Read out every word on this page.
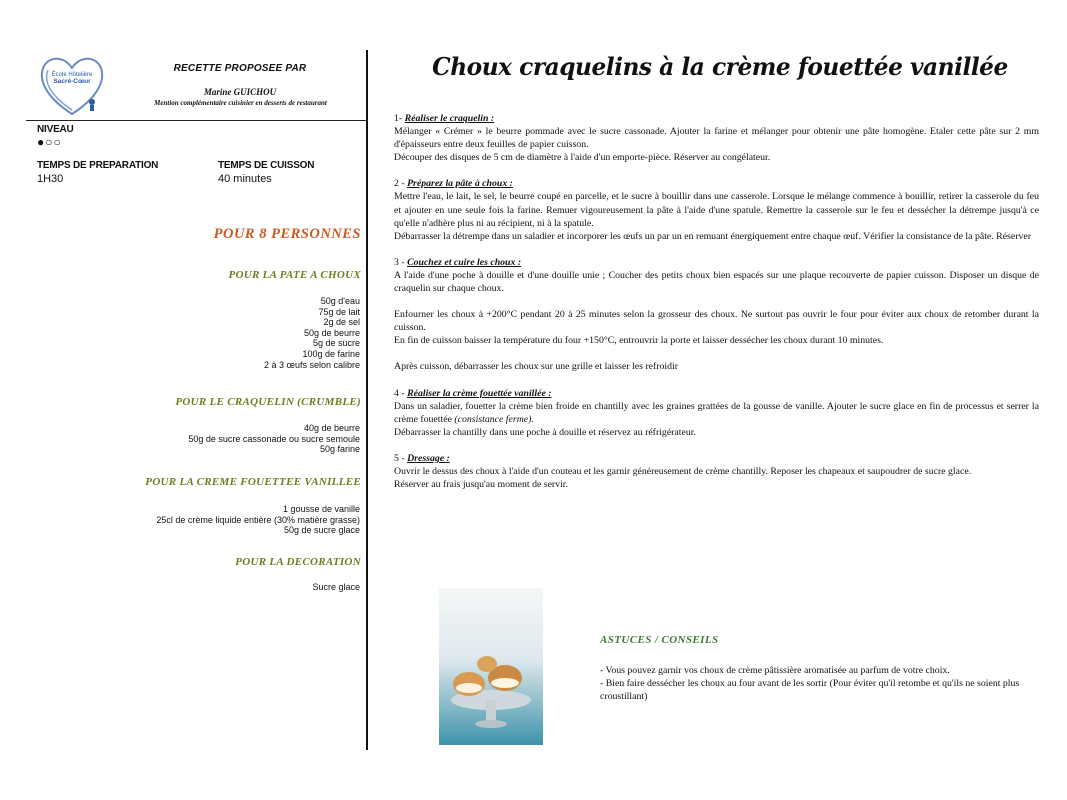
École Hôtelière
Sacré-Cœur
RECETTE PROPOSEE PAR
Marine GUICHOU
Mention complémentaire cuisinier en desserts de restaurant
NIVEAU
●○○
TEMPS DE PREPARATION
1H30
TEMPS DE CUISSON
40 minutes
POUR 8 PERSONNES
POUR LA PATE A CHOUX
50g d'eau
75g de lait
2g de sel
50g de beurre
5g de sucre
100g de farine
2 à 3 œufs selon calibre
POUR LE CRAQUELIN (CRUMBLE)
40g de beurre
50g de sucre cassonade ou sucre semoule
50g farine
POUR LA CREME FOUETTEE VANILLEE
1 gousse de vanille
25cl de crème liquide entière (30% matière grasse)
50g de sucre glace
POUR LA DECORATION
Sucre glace
Choux craquelins à la crème fouettée vanillée

1- Réaliser le craquelin :
Mélanger « Crémer » le beurre pommade avec le sucre cassonade. Ajouter la farine et mélanger pour obtenir une pâte homogène. Etaler cette pâte sur 2 mm d'épaisseurs entre deux feuilles de papier cuisson.
Découper des disques de 5 cm de diamètre à l'aide d'un emporte-pièce. Réserver au congélateur.

2 - Préparez la pâte à choux :
Mettre l'eau, le lait, le sel, le beurre coupé en parcelle, et le sucre à bouillir dans une casserole. Lorsque le mélange commence à bouillir, retirer la casserole du feu et ajouter en une seule fois la farine. Remuer vigoureusement la pâte à l'aide d'une spatule. Remettre la casserole sur le feu et dessécher la détrempe jusqu'à ce qu'elle n'adhère plus ni au récipient, ni à la spatule.
Débarrasser la détrempe dans un saladier et incorporer les œufs un par un en remuant énergiquement entre chaque œuf. Vérifier la consistance de la pâte. Réserver

3 - Couchez et cuire les choux :
A l'aide d'une poche à douille et d'une douille unie ; Coucher des petits choux bien espacés sur une plaque recouverte de papier cuisson. Disposer un disque de craquelin sur chaque choux.

Enfourner les choux à +200°C pendant 20 à 25 minutes selon la grosseur des choux. Ne surtout pas ouvrir le four pour éviter aux choux de retomber durant la cuisson.
En fin de cuisson baisser la température du four +150°C, entrouvrir la porte et laisser dessécher les choux durant 10 minutes.

Après cuisson, débarrasser les choux sur une grille et laisser les refroidir

4 - Réaliser la crème fouettée vanillée :
Dans un saladier, fouetter la crème bien froide en chantilly avec les graines grattées de la gousse de vanille. Ajouter le sucre glace en fin de processus et serrer la crème fouettée (consistance ferme).
Débarrasser la chantilly dans une poche à douille et réservez au réfrigérateur.

5 - Dressage :
Ouvrir le dessus des choux à l'aide d'un couteau et les garnir généreusement de crème chantilly. Reposer les chapeaux et saupoudrer de sucre glace.
Réserver au frais jusqu'au moment de servir.

ASTUCES / CONSEILS
- Vous pouvez garnir vos choux de crème pâtissière aromatisée au parfum de votre choix.
- Bien faire dessécher les choux au four avant de les sortir (Pour éviter qu'il retombe et qu'ils ne soient plus croustillant)
